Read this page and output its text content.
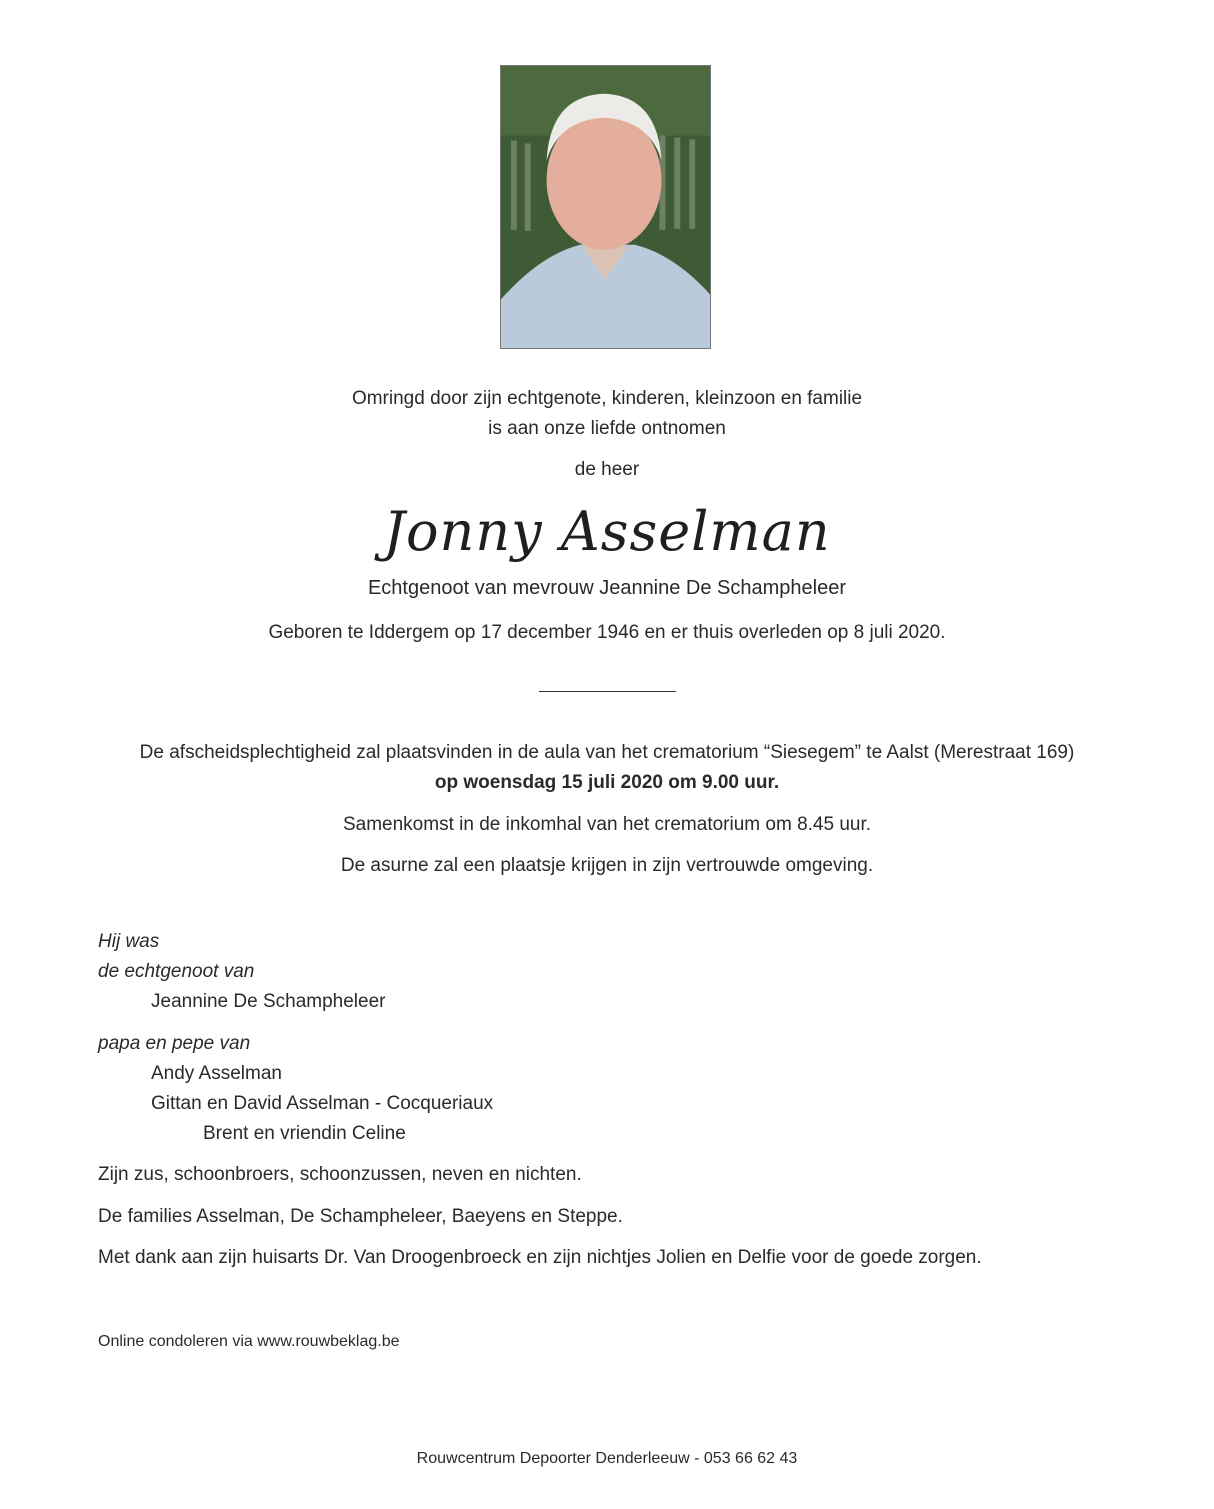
Omringd door zijn echtgenote, kinderen, kleinzoon en familie
is aan onze liefde ontnomen
de heer
Jonny Asselman
Echtgenoot van mevrouw Jeannine De Schampheleer
Geboren te Iddergem op 17 december 1946 en er thuis overleden op 8 juli 2020.
De afscheidsplechtigheid zal plaatsvinden in de aula van het crematorium “Siesegem” te Aalst (Merestraat 169)
op woensdag 15 juli 2020 om 9.00 uur.
Samenkomst in de inkomhal van het crematorium om 8.45 uur.
De asurne zal een plaatsje krijgen in zijn vertrouwde omgeving.
Hij was
de echtgenoot van
Jeannine De Schampheleer
papa en pepe van
Andy Asselman
Gittan en David Asselman - Cocqueriaux
Brent en vriendin Celine
Zijn zus, schoonbroers, schoonzussen, neven en nichten.
De families Asselman, De Schampheleer, Baeyens en Steppe.
Met dank aan zijn huisarts Dr. Van Droogenbroeck en zijn nichtjes Jolien en Delfie voor de goede zorgen.
Online condoleren via www.rouwbeklag.be
Rouwcentrum Depoorter Denderleeuw - 053 66 62 43
